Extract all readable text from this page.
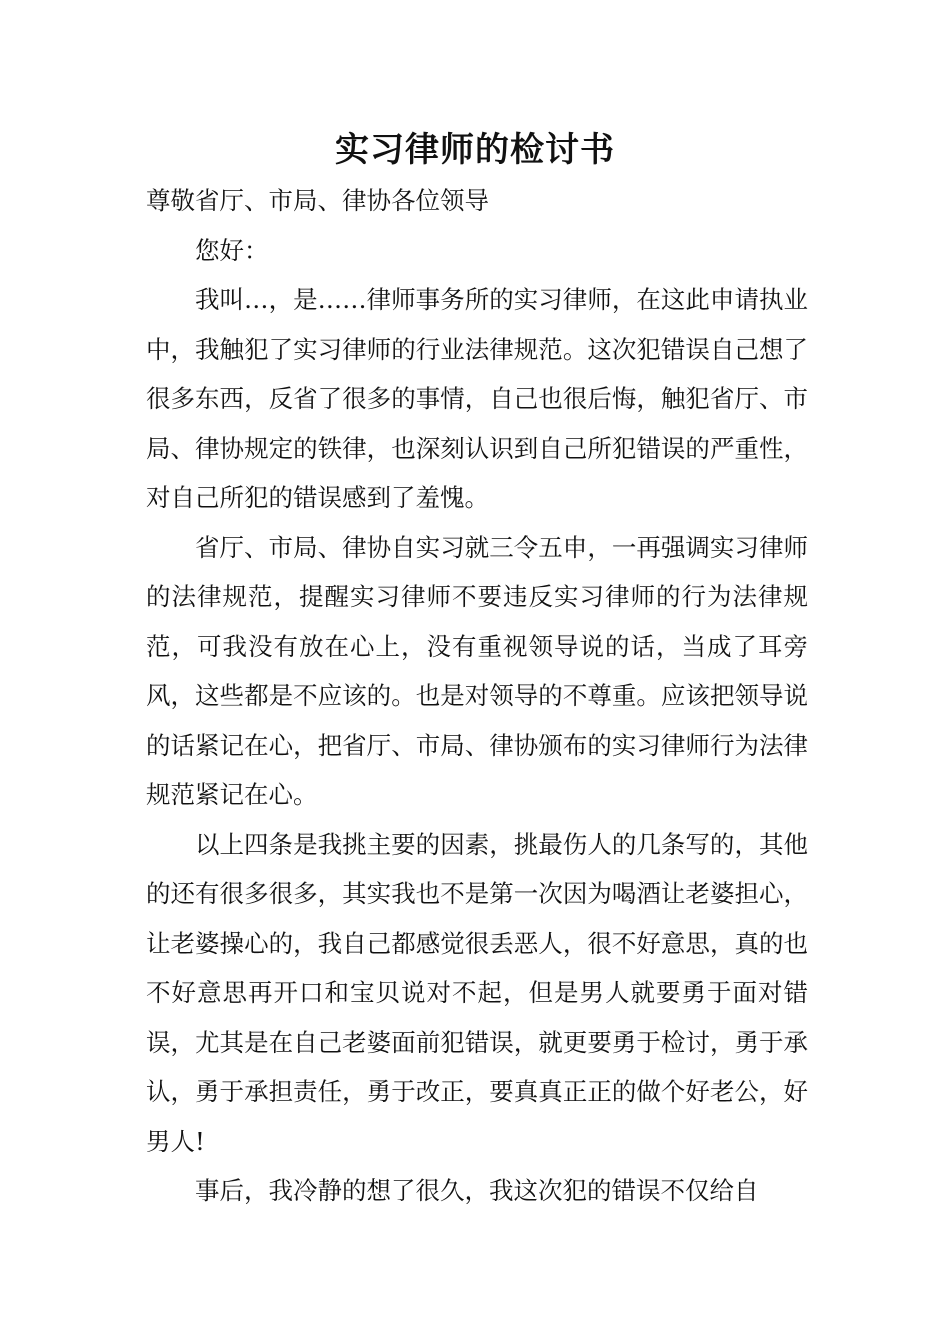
实习律师的检讨书

尊敬省厅、市局、律协各位领导

您好：

我叫…，是……律师事务所的实习律师，在这此申请执业中，我触犯了实习律师的行业法律规范。这次犯错误自己想了很多东西，反省了很多的事情，自己也很后悔，触犯省厅、市局、律协规定的铁律，也深刻认识到自己所犯错误的严重性，对自己所犯的错误感到了羞愧。

省厅、市局、律协自实习就三令五申，一再强调实习律师的法律规范，提醒实习律师不要违反实习律师的行为法律规范，可我没有放在心上，没有重视领导说的话，当成了耳旁风，这些都是不应该的。也是对领导的不尊重。应该把领导说的话紧记在心，把省厅、市局、律协颁布的实习律师行为法律规范紧记在心。

以上四条是我挑主要的因素，挑最伤人的几条写的，其他的还有很多很多，其实我也不是第一次因为喝酒让老婆担心，让老婆操心的，我自己都感觉很丢恶人，很不好意思，真的也不好意思再开口和宝贝说对不起，但是男人就要勇于面对错误，尤其是在自己老婆面前犯错误，就更要勇于检讨，勇于承认，勇于承担责任，勇于改正，要真真正正的做个好老公，好男人!

事后，我冷静的想了很久，我这次犯的错误不仅给自
